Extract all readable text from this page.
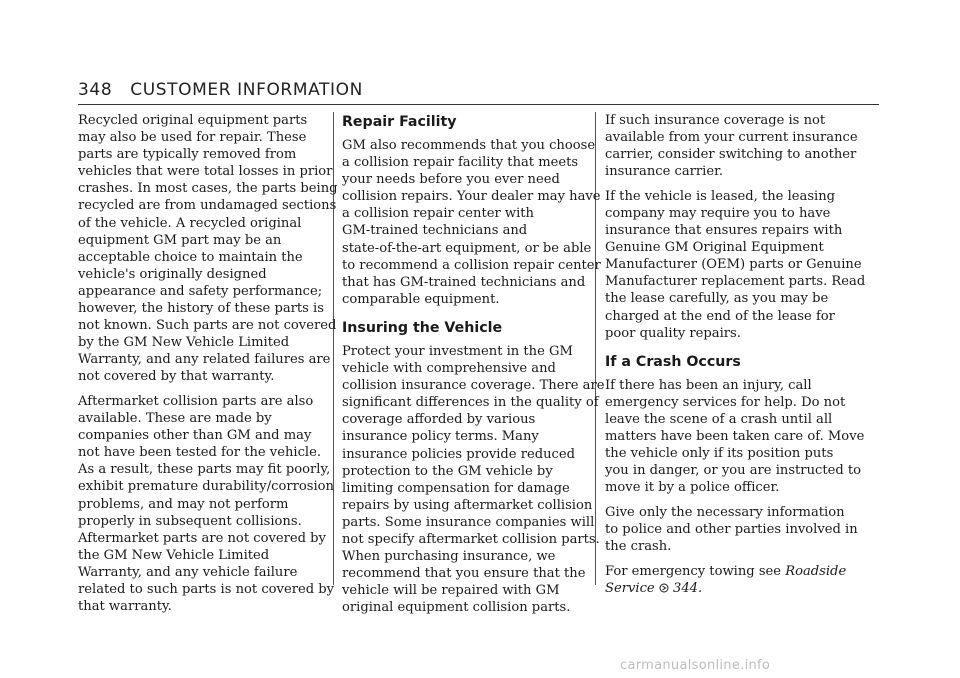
348 CUSTOMER INFORMATION

Recycled original equipment parts
may also be used for repair. These
parts are typically removed from
vehicles that were total losses in prior
crashes. In most cases, the parts being
recycled are from undamaged sections
of the vehicle. A recycled original
equipment GM part may be an
acceptable choice to maintain the
vehicle's originally designed
appearance and safety performance;
however, the history of these parts is
not known. Such parts are not covered
by the GM New Vehicle Limited
Warranty, and any related failures are
not covered by that warranty.

Aftermarket collision parts are also
available. These are made by
companies other than GM and may
not have been tested for the vehicle.
As a result, these parts may fit poorly,
exhibit premature durability/corrosion
problems, and may not perform
properly in subsequent collisions.
Aftermarket parts are not covered by
the GM New Vehicle Limited
Warranty, and any vehicle failure
related to such parts is not covered by
that warranty.

Repair Facility

GM also recommends that you choose
a collision repair facility that meets
your needs before you ever need
collision repairs. Your dealer may have
a collision repair center with
GM-trained technicians and
state-of-the-art equipment, or be able
to recommend a collision repair center
that has GM-trained technicians and
comparable equipment.

Insuring the Vehicle

Protect your investment in the GM
vehicle with comprehensive and
collision insurance coverage. There are
significant differences in the quality of
coverage afforded by various
insurance policy terms. Many
insurance policies provide reduced
protection to the GM vehicle by
limiting compensation for damage
repairs by using aftermarket collision
parts. Some insurance companies will
not specify aftermarket collision parts.
When purchasing insurance, we
recommend that you ensure that the
vehicle will be repaired with GM
original equipment collision parts.

If such insurance coverage is not
available from your current insurance
carrier, consider switching to another
insurance carrier.

If the vehicle is leased, the leasing
company may require you to have
insurance that ensures repairs with
Genuine GM Original Equipment
Manufacturer (OEM) parts or Genuine
Manufacturer replacement parts. Read
the lease carefully, as you may be
charged at the end of the lease for
poor quality repairs.

If a Crash Occurs

If there has been an injury, call
emergency services for help. Do not
leave the scene of a crash until all
matters have been taken care of. Move
the vehicle only if its position puts
you in danger, or you are instructed to
move it by a police officer.

Give only the necessary information
to police and other parties involved in
the crash.

For emergency towing see Roadside
Service 344.

carmanualsonline.info
